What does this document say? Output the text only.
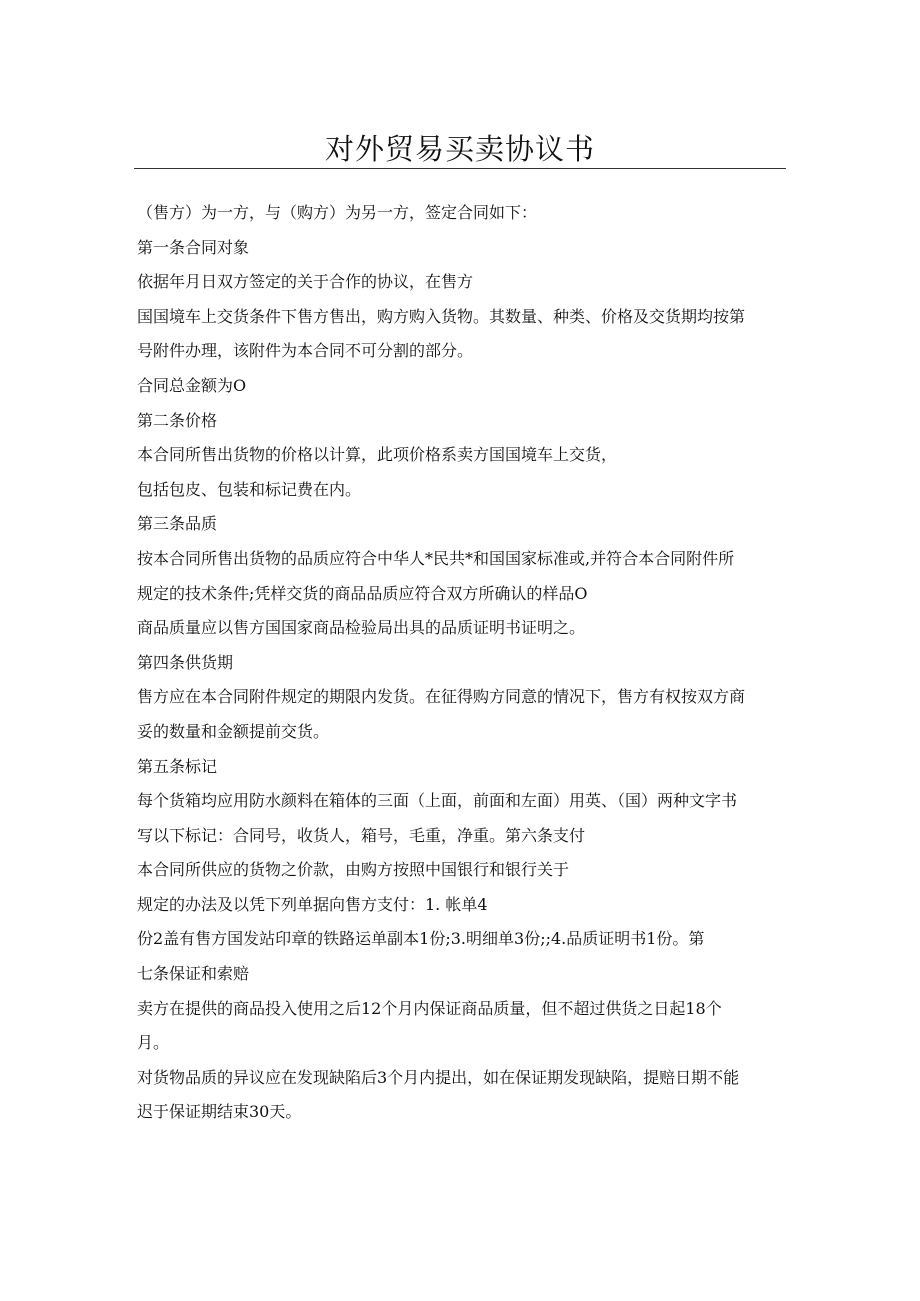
对外贸易买卖协议书
（售方）为一方，与（购方）为另一方，签定合同如下：
第一条合同对象
依据年月日双方签定的关于合作的协议，在售方
国国境车上交货条件下售方售出，购方购入货物。其数量、种类、价格及交货期均按第
号附件办理，该附件为本合同不可分割的部分。
合同总金额为O
第二条价格
本合同所售出货物的价格以计算，此项价格系卖方国国境车上交货，
包括包皮、包装和标记费在内。
第三条品质
按本合同所售出货物的品质应符合中华人*民共*和国国家标准或,并符合本合同附件所
规定的技术条件;凭样交货的商品品质应符合双方所确认的样品O
商品质量应以售方国国家商品检验局出具的品质证明书证明之。
第四条供货期
售方应在本合同附件规定的期限内发货。在征得购方同意的情况下，售方有权按双方商
妥的数量和金额提前交货。
第五条标记
每个货箱均应用防水颜料在箱体的三面（上面，前面和左面）用英、（国）两种文字书
写以下标记：合同号，收货人，箱号，毛重，净重。第六条支付
本合同所供应的货物之价款，由购方按照中国银行和银行关于
规定的办法及以凭下列单据向售方支付：1. 帐单4
份2盖有售方国发站印章的铁路运单副本1份;3.明细单3份;;4.品质证明书1份。第
七条保证和索赔
卖方在提供的商品投入使用之后12个月内保证商品质量，但不超过供货之日起18个
月。
对货物品质的异议应在发现缺陷后3个月内提出，如在保证期发现缺陷，提赔日期不能
迟于保证期结束30天。
